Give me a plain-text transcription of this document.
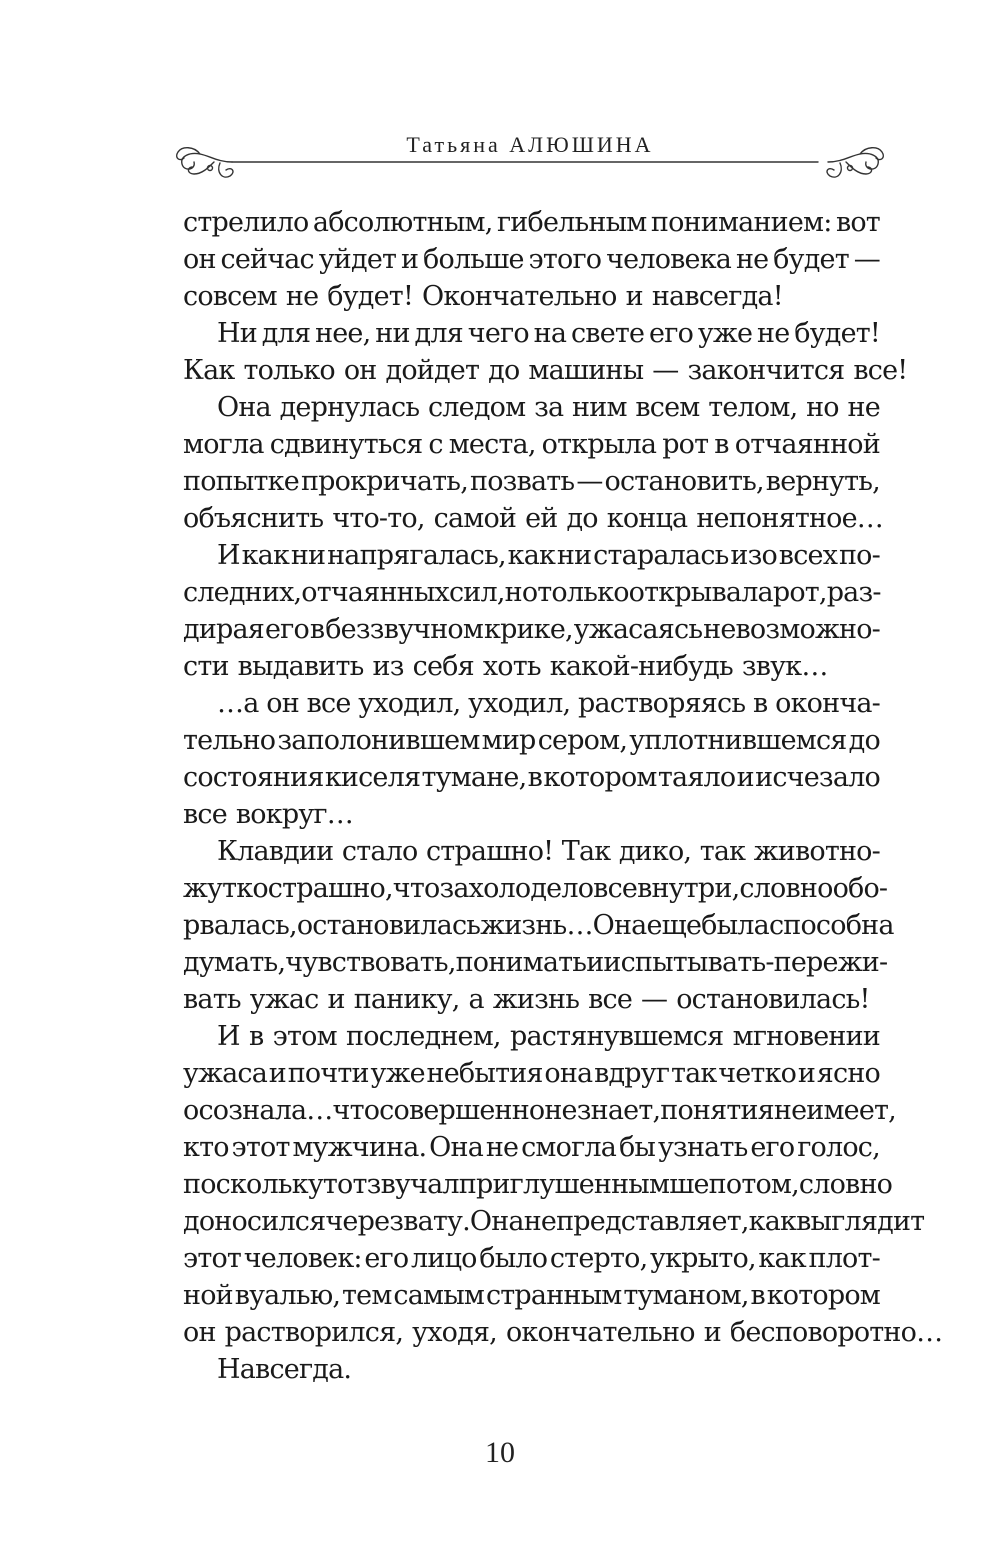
Татьяна АЛЮШИНА
стрелило абсолютным, гибельным пониманием: вот
он сейчас уйдет и больше этого человека не будет —
совсем не будет! Окончательно и навсегда!
Ни для нее, ни для чего на свете его уже не будет!
Как только он дойдет до машины — закончится все!
Она дернулась следом за ним всем телом, но не
могла сдвинуться с места, открыла рот в отчаянной
попытке прокричать, позвать — остановить, вернуть,
объяснить что-то, самой ей до конца непонятное…
И как ни напрягалась, как ни старалась изо всех по-
следних, отчаянных сил, но только открывала рот, раз-
дирая его в беззвучном крике, ужасаясь невозможно-
сти выдавить из себя хоть какой-нибудь звук…
…а он все уходил, уходил, растворяясь в оконча-
тельно заполонившем мир сером, уплотнившемся до
состояния киселя тумане, в котором таяло и исчезало
все вокруг…
Клавдии стало страшно! Так дико, так животно-
жутко страшно, что захолодело все внутри, словно обо-
рвалась, остановилась жизнь… Она еще была способна
думать, чувствовать, понимать и испытывать-пережи-
вать ужас и панику, а жизнь все — остановилась!
И в этом последнем, растянувшемся мгновении
ужаса и почти уже небытия она вдруг так четко и ясно
осознала… что совершенно не знает, понятия не имеет,
кто этот мужчина. Она не смогла бы узнать его голос,
поскольку тот звучал приглушенным шепотом, словно
доносился через вату. Она не представляет, как выглядит
этот человек: его лицо было стерто, укрыто, как плот-
ной вуалью, тем самым странным туманом, в котором
он растворился, уходя, окончательно и бесповоротно…
Навсегда.
10
